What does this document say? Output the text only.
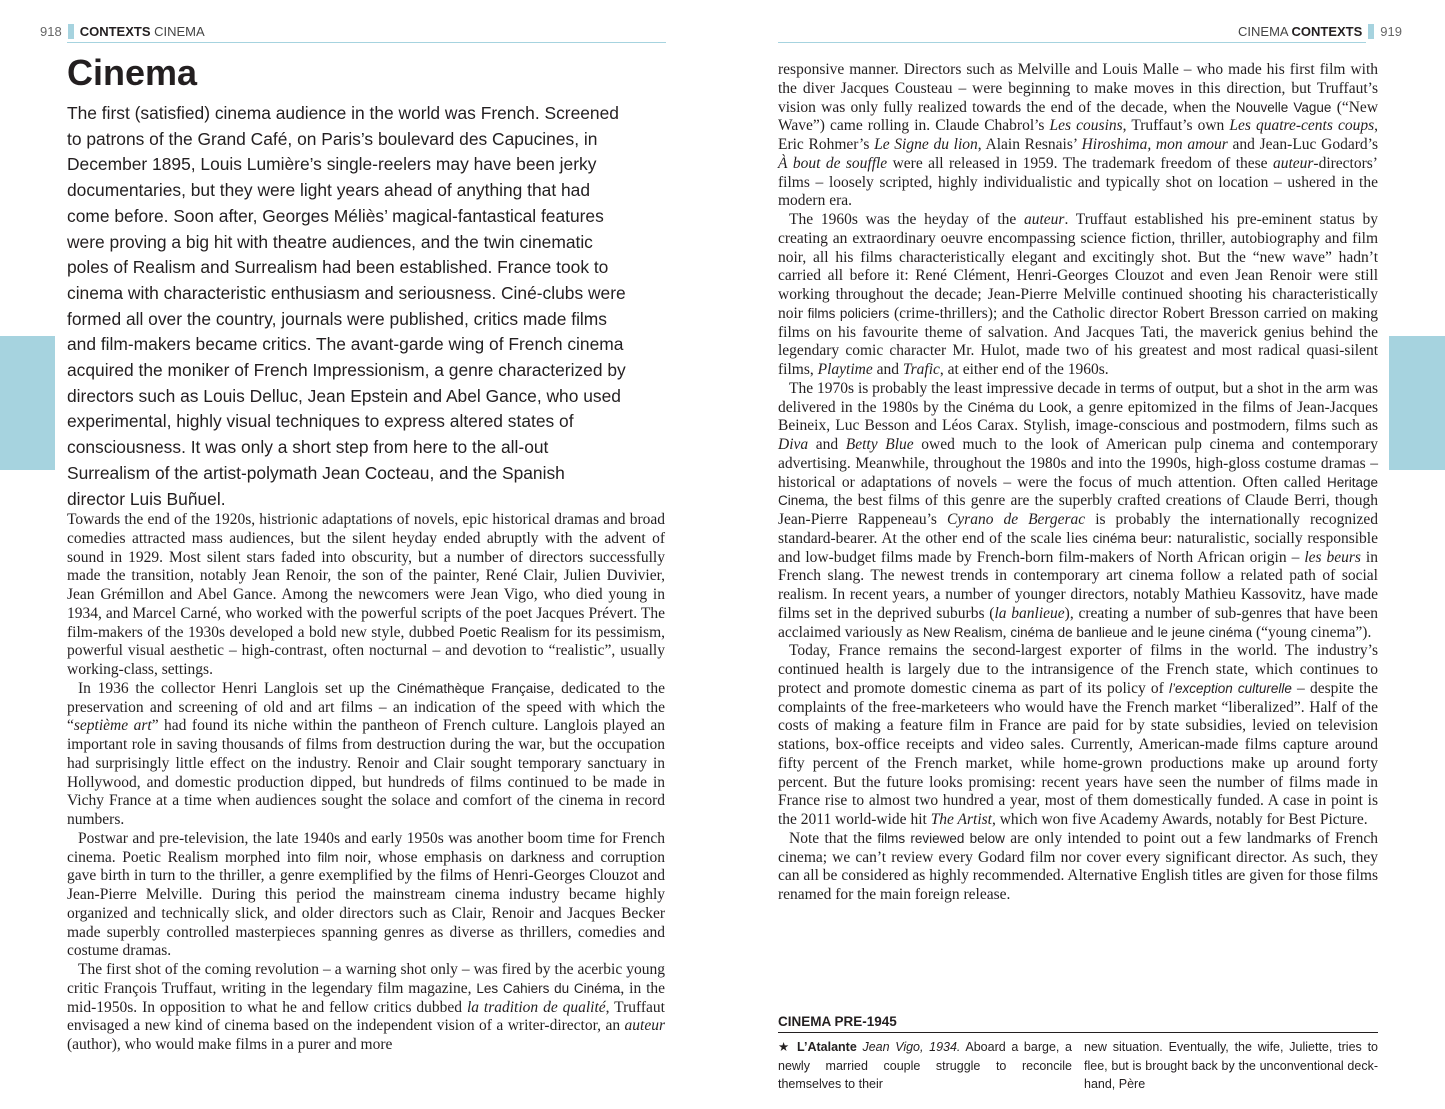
918 CONTEXTS CINEMA	CINEMA CONTEXTS 919
Cinema

The first (satisfied) cinema audience in the world was French. Screened to patrons of the Grand Café, on Paris’s boulevard des Capucines, in December 1895, Louis Lumière’s single-reelers may have been jerky documentaries, but they were light years ahead of anything that had come before. Soon after, Georges Méliès’ magical-fantastical features were proving a big hit with theatre audiences, and the twin cinematic poles of Realism and Surrealism had been established. France took to cinema with characteristic enthusiasm and seriousness. Ciné-clubs were formed all over the country, journals were published, critics made films and film-makers became critics. The avant-garde wing of French cinema acquired the moniker of French Impressionism, a genre characterized by directors such as Louis Delluc, Jean Epstein and Abel Gance, who used experimental, highly visual techniques to express altered states of consciousness. It was only a short step from here to the all-out Surrealism of the artist-polymath Jean Cocteau, and the Spanish director Luis Buñuel.

Towards the end of the 1920s, histrionic adaptations of novels, epic historical dramas and broad comedies attracted mass audiences, but the silent heyday ended abruptly with the advent of sound in 1929. Most silent stars faded into obscurity, but a number of directors successfully made the transition, notably Jean Renoir, the son of the painter, René Clair, Julien Duvivier, Jean Grémillon and Abel Gance. Among the newcomers were Jean Vigo, who died young in 1934, and Marcel Carné, who worked with the powerful scripts of the poet Jacques Prévert. The film-makers of the 1930s developed a bold new style, dubbed Poetic Realism for its pessimism, powerful visual aesthetic – high-contrast, often nocturnal – and devotion to “realistic”, usually working-class, settings.

In 1936 the collector Henri Langlois set up the Cinémathèque Française, dedicated to the preservation and screening of old and art films – an indication of the speed with which the “septième art” had found its niche within the pantheon of French culture. Langlois played an important role in saving thousands of films from destruction during the war, but the occupation had surprisingly little effect on the industry. Renoir and Clair sought temporary sanctuary in Hollywood, and domestic production dipped, but hundreds of films continued to be made in Vichy France at a time when audiences sought the solace and comfort of the cinema in record numbers.

Postwar and pre-television, the late 1940s and early 1950s was another boom time for French cinema. Poetic Realism morphed into film noir, whose emphasis on darkness and corruption gave birth in turn to the thriller, a genre exemplified by the films of Henri-Georges Clouzot and Jean-Pierre Melville. During this period the mainstream cinema industry became highly organized and technically slick, and older directors such as Clair, Renoir and Jacques Becker made superbly controlled masterpieces spanning genres as diverse as thrillers, comedies and costume dramas.

The first shot of the coming revolution – a warning shot only – was fired by the acerbic young critic François Truffaut, writing in the legendary film magazine, Les Cahiers du Cinéma, in the mid-1950s. In opposition to what he and fellow critics dubbed la tradition de qualité, Truffaut envisaged a new kind of cinema based on the independent vision of a writer-director, an auteur (author), who would make films in a purer and more

responsive manner. Directors such as Melville and Louis Malle – who made his first film with the diver Jacques Cousteau – were beginning to make moves in this direction, but Truffaut’s vision was only fully realized towards the end of the decade, when the Nouvelle Vague (“New Wave”) came rolling in. Claude Chabrol’s Les cousins, Truffaut’s own Les quatre-cents coups, Eric Rohmer’s Le Signe du lion, Alain Resnais’ Hiroshima, mon amour and Jean-Luc Godard’s À bout de souffle were all released in 1959. The trademark freedom of these auteur-directors’ films – loosely scripted, highly individualistic and typically shot on location – ushered in the modern era.

The 1960s was the heyday of the auteur. Truffaut established his pre-eminent status by creating an extraordinary oeuvre encompassing science fiction, thriller, autobiography and film noir, all his films characteristically elegant and excitingly shot. But the “new wave” hadn’t carried all before it: René Clément, Henri-Georges Clouzot and even Jean Renoir were still working throughout the decade; Jean-Pierre Melville continued shooting his characteristically noir films policiers (crime-thrillers); and the Catholic director Robert Bresson carried on making films on his favourite theme of salvation. And Jacques Tati, the maverick genius behind the legendary comic character Mr. Hulot, made two of his greatest and most radical quasi-silent films, Playtime and Trafic, at either end of the 1960s.

The 1970s is probably the least impressive decade in terms of output, but a shot in the arm was delivered in the 1980s by the Cinéma du Look, a genre epitomized in the films of Jean-Jacques Beineix, Luc Besson and Léos Carax. Stylish, image-conscious and postmodern, films such as Diva and Betty Blue owed much to the look of American pulp cinema and contemporary advertising. Meanwhile, throughout the 1980s and into the 1990s, high-gloss costume dramas – historical or adaptations of novels – were the focus of much attention. Often called Heritage Cinema, the best films of this genre are the superbly crafted creations of Claude Berri, though Jean-Pierre Rappeneau’s Cyrano de Bergerac is probably the internationally recognized standard-bearer. At the other end of the scale lies cinéma beur: naturalistic, socially responsible and low-budget films made by French-born film-makers of North African origin – les beurs in French slang. The newest trends in contemporary art cinema follow a related path of social realism. In recent years, a number of younger directors, notably Mathieu Kassovitz, have made films set in the deprived suburbs (la banlieue), creating a number of sub-genres that have been acclaimed variously as New Realism, cinéma de banlieue and le jeune cinéma (“young cinema”).

Today, France remains the second-largest exporter of films in the world. The industry’s continued health is largely due to the intransigence of the French state, which continues to protect and promote domestic cinema as part of its policy of l’exception culturelle – despite the complaints of the free-marketeers who would have the French market “liberalized”. Half of the costs of making a feature film in France are paid for by state subsidies, levied on television stations, box-office receipts and video sales. Currently, American-made films capture around fifty percent of the French market, while home-grown productions make up around forty percent. But the future looks promising: recent years have seen the number of films made in France rise to almost two hundred a year, most of them domestically funded. A case in point is the 2011 world-wide hit The Artist, which won five Academy Awards, notably for Best Picture.

Note that the films reviewed below are only intended to point out a few landmarks of French cinema; we can’t review every Godard film nor cover every significant director. As such, they can all be considered as highly recommended. Alternative English titles are given for those films renamed for the main foreign release.

CINEMA PRE-1945
★ L’Atalante Jean Vigo, 1934. Aboard a barge, a newly married couple struggle to reconcile themselves to their
new situation. Eventually, the wife, Juliette, tries to flee, but is brought back by the unconventional deck-hand, Père
